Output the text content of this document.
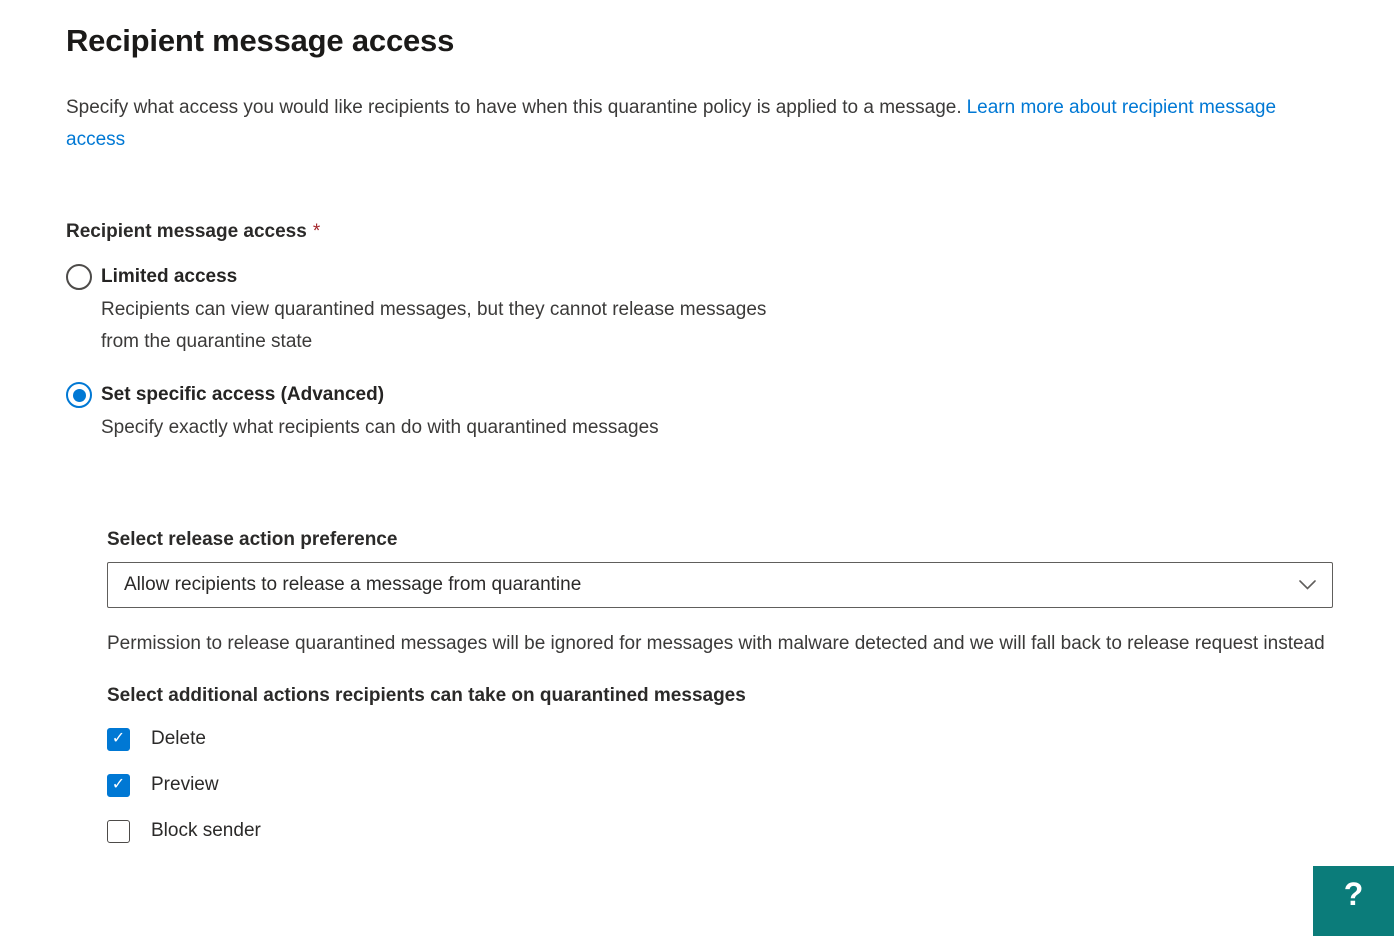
Recipient message access

Specify what access you would like recipients to have when this quarantine policy is applied to a message. Learn more about recipient message access

Recipient message access *
Limited access
Recipients can view quarantined messages, but they cannot release messages from the quarantine state
Set specific access (Advanced)
Specify exactly what recipients can do with quarantined messages
Select release action preference
Allow recipients to release a message from quarantine

Permission to release quarantined messages will be ignored for messages with malware detected and we will fall back to release request instead

Select additional actions recipients can take on quarantined messages
✓ Delete
✓ Preview
Block sender
?
